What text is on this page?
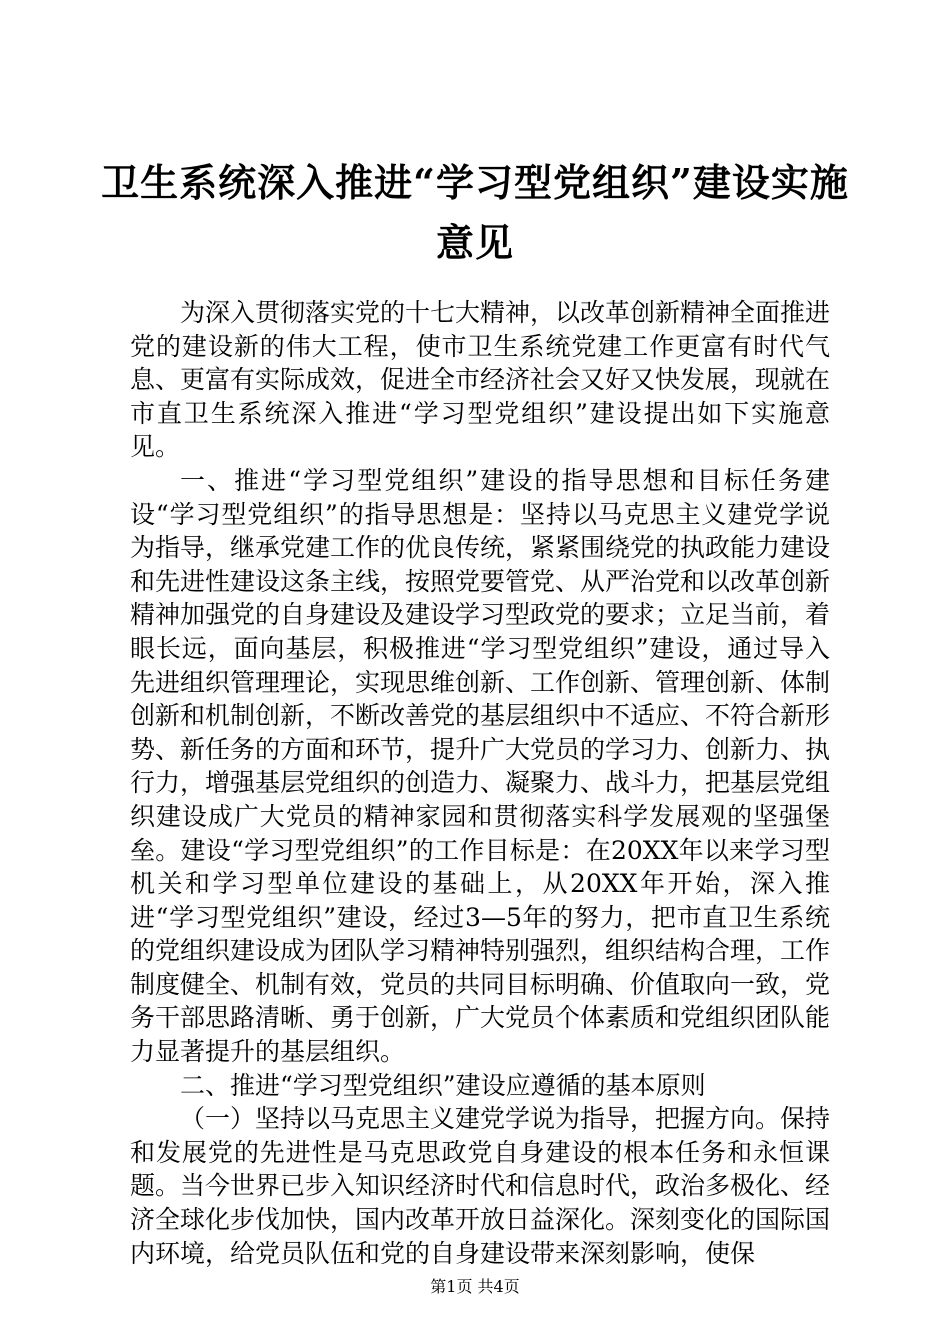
卫生系统深入推进“学习型党组织”建设实施
意见

为深入贯彻落实党的十七大精神，以改革创新精神全面推进党的建设新的伟大工程，使市卫生系统党建工作更富有时代气息、更富有实际成效，促进全市经济社会又好又快发展，现就在市直卫生系统深入推进“学习型党组织”建设提出如下实施意见。

一、推进“学习型党组织”建设的指导思想和目标任务建设“学习型党组织”的指导思想是：坚持以马克思主义建党学说为指导，继承党建工作的优良传统，紧紧围绕党的执政能力建设和先进性建设这条主线，按照党要管党、从严治党和以改革创新精神加强党的自身建设及建设学习型政党的要求；立足当前，着眼长远，面向基层，积极推进“学习型党组织”建设，通过导入先进组织管理理论，实现思维创新、工作创新、管理创新、体制创新和机制创新，不断改善党的基层组织中不适应、不符合新形势、新任务的方面和环节，提升广大党员的学习力、创新力、执行力，增强基层党组织的创造力、凝聚力、战斗力，把基层党组织建设成广大党员的精神家园和贯彻落实科学发展观的坚强堡垒。建设“学习型党组织”的工作目标是：在20XX年以来学习型机关和学习型单位建设的基础上，从20XX年开始，深入推进“学习型党组织”建设，经过3—5年的努力，把市直卫生系统的党组织建设成为团队学习精神特别强烈，组织结构合理，工作制度健全、机制有效，党员的共同目标明确、价值取向一致，党务干部思路清晰、勇于创新，广大党员个体素质和党组织团队能力显著提升的基层组织。

二、推进“学习型党组织”建设应遵循的基本原则

（一）坚持以马克思主义建党学说为指导，把握方向。保持和发展党的先进性是马克思政党自身建设的根本任务和永恒课题。当今世界已步入知识经济时代和信息时代，政治多极化、经济全球化步伐加快，国内改革开放日益深化。深刻变化的国际国内环境，给党员队伍和党的自身建设带来深刻影响，使保

第1页 共4页
